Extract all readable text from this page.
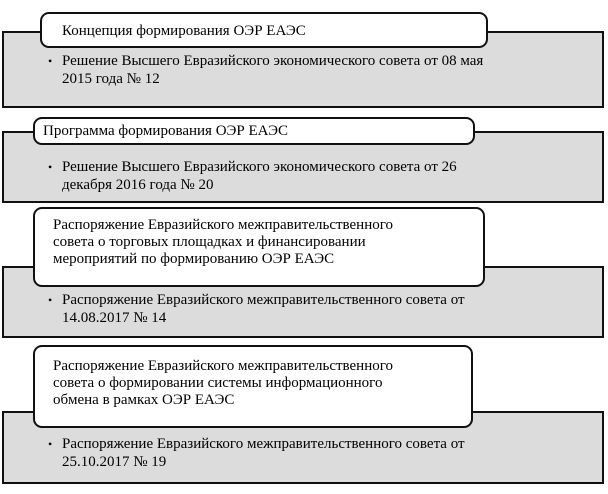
Концепция формирования ОЭР ЕАЭС
• Решение Высшего Евразийского экономического совета от 08 мая
2015 года № 12
Программа формирования ОЭР ЕАЭС
• Решение Высшего Евразийского экономического совета от 26
декабря 2016 года № 20
Распоряжение Евразийского межправительственного
совета о торговых площадках и финансировании
мероприятий по формированию ОЭР ЕАЭС
• Распоряжение Евразийского межправительственного совета от
14.08.2017 № 14
Распоряжение Евразийского межправительственного
совета о формировании системы информационного
обмена в рамках ОЭР ЕАЭС
• Распоряжение Евразийского межправительственного совета от
25.10.2017 № 19
